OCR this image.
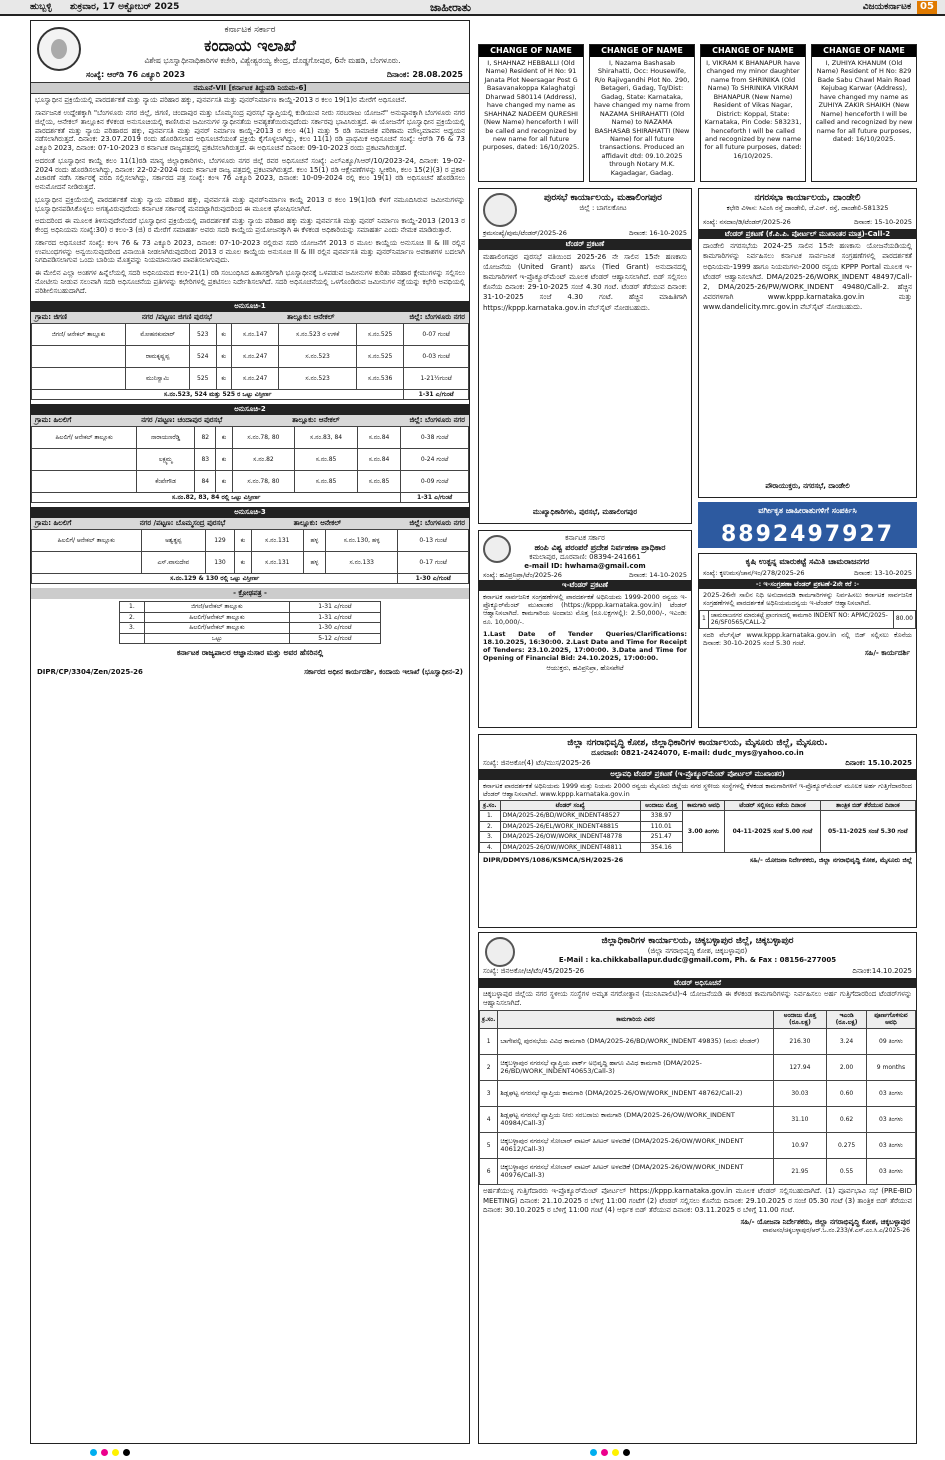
ಹುಬ್ಬಳ್ಳಿ ಶುಕ್ರವಾರ, 17 ಅಕ್ಟೋಬರ್ 2025	ಜಾಹೀರಾತು	ವಿಜಯಕರ್ನಾಟಕ 05
ಕರ್ನಾಟಕ ಸರ್ಕಾರ
ಕಂದಾಯ ಇಲಾಖೆ
ವಿಶೇಷ ಭೂಸ್ವಾಧೀನಾಧಿಕಾರಿಗಳ ಕಚೇರಿ, ವಿಶ್ವೇಶ್ವರಯ್ಯ ಕೇಂದ್ರ, ದೊಡ್ಡಗೋಪುರ, 6ನೇ ಮಹಡಿ, ಬೆಂಗಳೂರು.
ಸಂಖ್ಯೆ: ಆರ್‌ಡಿ 76 ಎಕ್ಯೂರಿ 2023	ದಿನಾಂಕ: 28.08.2025
ನಮೂನೆ-VII [ಕರ್ನಾಟಕ ತಿದ್ದುಪಡಿ ನಿಯಮ-6]
ಭೂಸ್ವಾಧೀನ ಪ್ರಕ್ರಿಯೆಯಲ್ಲಿ ಪಾರದರ್ಶಕತೆ ಮತ್ತು ನ್ಯಾಯ ಪರಿಹಾರ ಹಕ್ಕು, ಪುನರ್ವಸತಿ ಮತ್ತು ಪುನರ್‌ನಿರ್ಮಾಣ ಕಾಯ್ದೆ-2013 ರ ಕಲಂ 19(1)ರ ಮೇರೆಗೆ ಅಧಿಸೂಚನೆ.
ಸಾರ್ವಜನಿಕ ಉದ್ದೇಶಕ್ಕಾಗಿ "ಬೆಂಗಳೂರು ನಗರ ಜಿಲ್ಲೆ, ಜಿಗಣಿ, ಚಂದಾಪುರ ಮತ್ತು ಬೊಮ್ಮಸಂದ್ರ ಪುರಸಭೆ ವ್ಯಾಪ್ತಿಯಲ್ಲಿ ಕುಡಿಯುವ ನೀರು ಸರಬರಾಜು ಯೋಜನೆ" ಅನುಷ್ಠಾನಕ್ಕಾಗಿ ಬೆಂಗಳೂರು ನಗರ ಜಿಲ್ಲೆಯ, ಆನೇಕಲ್ ತಾಲ್ಲೂಕಿನ ಕೆಳಕಂಡ ಅನುಸೂಚಿಯಲ್ಲಿ ಕಾಣಿಸಿರುವ ಜಮೀನುಗಳ ಸ್ವಾಧೀನತೆಯ ಅವಶ್ಯಕತೆಯಿರುವುದೆಂದು ಸರ್ಕಾರವು ಭಾವಿಸಿರುತ್ತದೆ. ಈ ಯೋಜನೆಗೆ ಭೂಸ್ವಾಧೀನ ಪ್ರಕ್ರಿಯೆಯಲ್ಲಿ ಪಾರದರ್ಶಕತೆ ಮತ್ತು ನ್ಯಾಯ ಪರಿಹಾರದ ಹಕ್ಕು, ಪುನರ್ವಸತಿ ಮತ್ತು ಪುನರ್ ನಿರ್ಮಾಣ ಕಾಯ್ದೆ-2013 ರ ಕಲಂ 4(1) ಮತ್ತು 5 ರಡಿ ಸಾಮಾಜಿಕ ಪರಿಣಾಮ ಮೌಲ್ಯಮಾಪನ ಅಧ್ಯಯನ ನಡೆಸಲಾಗಿರುತ್ತದೆ. ದಿನಾಂಕ: 23.07.2019 ರಂದು ಹೊರಡಿಸಲಾದ ಅಧಿಸೂಚನೆಯಂತೆ ಪ್ರಕ್ರಿಯೆ ಕೈಗೊಳ್ಳಲಾಗಿದ್ದು, ಕಲಂ 11(1) ರಡಿ ಪ್ರಾಥಮಿಕ ಅಧಿಸೂಚನೆ ಸಂಖ್ಯೆ: ಆರ್‌ಡಿ 76 & 73 ಎಕ್ಯೂರಿ 2023, ದಿನಾಂಕ: 07-10-2023 ರ ಕರ್ನಾಟಕ ರಾಜ್ಯಪತ್ರದಲ್ಲಿ ಪ್ರಕಟಿಸಲಾಗಿರುತ್ತದೆ. ಈ ಅಧಿಸೂಚನೆ ದಿನಾಂಕ: 09-10-2023 ರಂದು ಪ್ರಕಟವಾಗಿರುತ್ತದೆ.
ಅದರಂತೆ ಭೂಸ್ವಾಧೀನ ಕಾಯ್ದೆ ಕಲಂ 11(1)ರಡಿ ಮಾನ್ಯ ಜಿಲ್ಲಾಧಿಕಾರಿಗಳು, ಬೆಂಗಳೂರು ನಗರ ಜಿಲ್ಲೆ ರವರ ಅಧಿಸೂಚನೆ ಸಂಖ್ಯೆ: ಎಲ್‌ಎಕ್ಯೂ/ಸಿಆರ್/10/2023-24, ದಿನಾಂಕ: 19-02-2024 ರಂದು ಹೊರಡಿಸಲಾಗಿದ್ದು, ದಿನಾಂಕ: 22-02-2024 ರಂದು ಕರ್ನಾಟಕ ರಾಜ್ಯ ಪತ್ರದಲ್ಲಿ ಪ್ರಕಟವಾಗಿರುತ್ತದೆ. ಕಲಂ 15(1) ರಡಿ ಆಕ್ಷೇಪಣೆಗಳನ್ನು ಸ್ವೀಕರಿಸಿ, ಕಲಂ 15(2)(3) ರ ಪ್ರಕಾರ ವಿಚಾರಣೆ ನಡೆಸಿ ಸರ್ಕಾರಕ್ಕೆ ವರದಿ ಸಲ್ಲಿಸಲಾಗಿದ್ದು, ಸರ್ಕಾರದ ಪತ್ರ ಸಂಖ್ಯೆ: ಕಂಇ 76 ಎಕ್ಯೂರಿ 2023, ದಿನಾಂಕ: 10-09-2024 ರಲ್ಲಿ ಕಲಂ 19(1) ರಡಿ ಅಧಿಸೂಚನೆ ಹೊರಡಿಸಲು ಅನುಮೋದನೆ ನೀಡಿರುತ್ತದೆ.
ಭೂಸ್ವಾಧೀನ ಪ್ರಕ್ರಿಯೆಯಲ್ಲಿ ಪಾರದರ್ಶಕತೆ ಮತ್ತು ನ್ಯಾಯ ಪರಿಹಾರ ಹಕ್ಕು, ಪುನರ್ವಸತಿ ಮತ್ತು ಪುನರ್‌ನಿರ್ಮಾಣ ಕಾಯ್ದೆ 2013 ರ ಕಲಂ 19(1)ರಡಿ ಕೆಳಗೆ ನಮೂದಿಸಿರುವ ಜಮೀನುಗಳನ್ನು ಭೂಸ್ವಾಧೀನಪಡಿಸಿಕೊಳ್ಳಲು ಅಗತ್ಯವಿರುವುದೆಂದು ಕರ್ನಾಟಕ ಸರ್ಕಾರಕ್ಕೆ ಮನದಟ್ಟಾಗಿರುವುದರಿಂದ ಈ ಮೂಲಕ ಘೋಷಿಸಲಾಗಿದೆ.
ಅದುದರಿಂದ ಈ ಮೂಲಕ ತಿಳಿಸುವುದೇನೆಂದರೆ ಭೂಸ್ವಾಧೀನ ಪ್ರಕ್ರಿಯೆಯಲ್ಲಿ ಪಾರದರ್ಶಕತೆ ಮತ್ತು ನ್ಯಾಯ ಪರಿಹಾರ ಹಕ್ಕು ಮತ್ತು ಪುನರ್ವಸತಿ ಮತ್ತು ಪುನರ್ ನಿರ್ಮಾಣ ಕಾಯ್ದೆ-2013 (2013 ರ ಕೇಂದ್ರ ಅಧಿನಿಯಮ ಸಂಖ್ಯೆ:30) ರ ಕಲಂ-3 (ಜಿ) ರ ಮೇರೆಗೆ ಸಮಾಹರ್ತ ಅವರು ಸದರಿ ಕಾಯ್ದೆಯ ಪ್ರಯೋಜನಕ್ಕಾಗಿ ಈ ಕೆಳಕಂಡ ಅಧಿಕಾರಿಯನ್ನು ಸಮಾಹರ್ತ ಎಂದು ನೇಮಕ ಮಾಡಿರುತ್ತಾರೆ.
ಸರ್ಕಾರದ ಅಧಿಸೂಚನೆ ಸಂಖ್ಯೆ: ಕಂಇ 76 & 73 ಎಕ್ಯೂರಿ 2023, ದಿನಾಂಕ: 07-10-2023 ರಲ್ಲಿರುವ ಸದರಿ ಯೋಜನೆಗೆ 2013 ರ ಮೂಲ ಕಾಯ್ದೆಯ ಅನುಸೂಚಿ II & III ರಲ್ಲಿನ ಉಪಬಂಧಗಳನ್ನು ಅನ್ವಯಿಸುವುದರಿಂದ ವಿನಾಯಿತಿ ನೀಡಲಾಗಿರುವುದರಿಂದ 2013 ರ ಮೂಲ ಕಾಯ್ದೆಯ ಅನುಸೂಚಿ II & III ರಲ್ಲಿನ ಪುನರ್ವಸತಿ ಮತ್ತು ಪುನರ್‌ನಿರ್ಮಾಣ ಅವಕಾಶಗಳ ಬದಲಾಗಿ ನಿಗದಿಪಡಿಸಲಾಗುವ ಒಂದು ಬಾರಿಯ ಮೊತ್ತವನ್ನು ನಿಯಮಾನುಸಾರ ಪಾವತಿಸಲಾಗುವುದು.
ಈ ಮೇಲಿನ ಎಲ್ಲಾ ಅಂಶಗಳ ಹಿನ್ನೆಲೆಯಲ್ಲಿ ಸದರಿ ಅಧಿನಿಯಮದ ಕಲಂ-21(1) ರಡಿ ಸಂಬಂಧಿಸಿದ ಹಿತಾಸಕ್ತರಿಗಾಗಿ ಭೂಸ್ವಾಧೀನಕ್ಕೆ ಒಳಪಡುವ ಜಮೀನುಗಳ ಕುರಿತು ಪರಿಹಾರ ಕ್ಲೇಮುಗಳನ್ನು ಸಲ್ಲಿಸಲು ನೋಟೀಸು ನೀಡುವ ಸಲುವಾಗಿ ಸದರಿ ಅಧಿಸೂಚನೆಯ ಪ್ರತಿಗಳನ್ನು ಕಛೇರಿಗಳಲ್ಲಿ ಪ್ರಕಟಿಸಲು ನಿರ್ದೇಶಿಸಲಾಗಿದೆ. ಸದರಿ ಅಧಿಸೂಚನೆಯಲ್ಲಿ ಒಳಗೊಂಡಿರುವ ಜಮೀನುಗಳ ನಕ್ಷೆಯನ್ನು ಕಛೇರಿ ಅವಧಿಯಲ್ಲಿ ಪರಿಶೀಲಿಸಬಹುದಾಗಿದೆ.
ಅನುಸೂಚಿ-1
ಗ್ರಾಮ: ಜಿಗಣಿ	ನಗರ /ಪಟ್ಟಣ: ಜಿಗಣಿ ಪುರಸಭೆ	ತಾಲ್ಲೂಕು: ಆನೇಕಲ್	ಜಿಲ್ಲೆ: ಬೆಂಗಳೂರು ನಗರ
ಜಿಗಣಿ/ ಆನೇಕಲ್ ತಾಲ್ಲೂಕು	ಮೋಹನಕುಮಾರ್	523	ಕು	ಸ.ನಂ.147	ಸ.ನಂ.523 ರ ಉಳಿಕೆ	ಸ.ನಂ.525	0-07 ಗುಂಟೆ
	ರಾಮಕೃಷ್ಣಪ್ಪ	524	ಕು	ಸ.ನಂ.247	ಸ.ನಂ.523	ಸ.ನಂ.525	0-03 ಗುಂಟೆ
	ಮುನಿಸ್ವಾಮಿ	525	ಕು	ಸ.ನಂ.247	ಸ.ನಂ.523	ಸ.ನಂ.536	1-21½ಗುಂಟೆ
ಸ.ನಂ.523, 524 ಮತ್ತು 525 ರ ಒಟ್ಟು ವಿಸ್ತೀರ್ಣ							1-31 ಎ/ಗುಂಟೆ
ಅನುಸೂಚಿ-2
ಗ್ರಾಮ: ಹಿಲಲಿಗೆ	ನಗರ /ಪಟ್ಟಣ: ಚಂದಾಪುರ ಪುರಸಭೆ	ತಾಲ್ಲೂಕು: ಆನೇಕಲ್	ಜಿಲ್ಲೆ: ಬೆಂಗಳೂರು ನಗರ
ಹಿಲಲಿಗೆ/ ಆನೇಕಲ್ ತಾಲ್ಲೂಕು	ನಾರಾಯಣರೆಡ್ಡಿ	82	ಕು	ಸ.ನಂ.78, 80	ಸ.ನಂ.83, 84	ಸ.ನಂ.84	0-38 ಗುಂಟೆ
	ಲಕ್ಷ್ಮಮ್ಮ	83	ಕು	ಸ.ನಂ.82	ಸ.ನಂ.85	ಸ.ನಂ.84	0-24 ಗುಂಟೆ
	ಕೆಂಪೇಗೌಡ	84	ಕು	ಸ.ನಂ.78, 80	ಸ.ನಂ.85	ಸ.ನಂ.85	0-09 ಗುಂಟೆ
ಸ.ನಂ.82, 83, 84 ರಲ್ಲಿ ಒಟ್ಟು ವಿಸ್ತೀರ್ಣ							1-31 ಎ/ಗುಂಟೆ
ಅನುಸೂಚಿ-3
ಗ್ರಾಮ: ಹಿಲಲಿಗೆ	ನಗರ /ಪಟ್ಟಣ: ಬೊಮ್ಮಸಂದ್ರ ಪುರಸಭೆ	ತಾಲ್ಲೂಕು: ಆನೇಕಲ್	ಜಿಲ್ಲೆ: ಬೆಂಗಳೂರು ನಗರ
ಹಿಲಲಿಗೆ/ ಆನೇಕಲ್ ತಾಲ್ಲೂಕು	ಅಶ್ವತ್ಥಪ್ಪ	129	ಕು	ಸ.ನಂ.131	ಹಳ್ಳ	ಸ.ನಂ.130, ಹಳ್ಳ	0-13 ಗುಂಟೆ
	ಎಸ್.ವಾಸುದೇವ	130	ಕು	ಸ.ನಂ.131	ಹಳ್ಳ	ಸ.ನಂ.133	0-17 ಗುಂಟೆ
ಸ.ನಂ.129 & 130 ರಲ್ಲಿ ಒಟ್ಟು ವಿಸ್ತೀರ್ಣ							1-30 ಎ/ಗುಂಟೆ
- ಕ್ರೋಢಪತ್ರ -
1.	ಜಿಗಣಿ/ಆನೇಕಲ್ ತಾಲ್ಲೂಕು	1-31 ಎ/ಗುಂಟೆ
2.	ಹಿಲಲಿಗೆ/ಆನೇಕಲ್ ತಾಲ್ಲೂಕು	1-31 ಎ/ಗುಂಟೆ
3.	ಹಿಲಲಿಗೆ/ಆನೇಕಲ್ ತಾಲ್ಲೂಕು	1-30 ಎ/ಗುಂಟೆ
	ಒಟ್ಟು	5-12 ಎ/ಗುಂಟೆ
ಕರ್ನಾಟಕ ರಾಜ್ಯಪಾಲರ ಆಜ್ಞಾನುಸಾರ ಮತ್ತು ಅವರ ಹೆಸರಿನಲ್ಲಿ
DIPR/CP/3304/Zen/2025-26	ಸರ್ಕಾರದ ಅಧೀನ ಕಾರ್ಯದರ್ಶಿ, ಕಂದಾಯ ಇಲಾಖೆ (ಭೂಸ್ವಾಧೀನ-2)
CHANGE OF NAME
I, SHAHNAZ HEBBALLI (Old Name) Resident of H No: 91 Janata Plot Neersagar Post G Basavanakoppa Kalaghatgi Dharwad 580114 (Address), have changed my name as SHAHNAZ NADEEM QURESHI (New Name) henceforth I will be called and recognized by new name for all future purposes, dated: 16/10/2025.
CHANGE OF NAME
I, Nazama Bashasab Shirahatti, Occ: Housewife, R/o Rajivgandhi Plot No. 290, Betageri, Gadag, Tq/Dist: Gadag, State: Karnataka, have changed my name from NAZAMA SHIRAHATTI (Old Name) to NAZAMA BASHASAB SHIRAHATTI (New Name) for all future transactions. Produced an affidavit dtd: 09.10.2025 through Notary M.K. Kagadagar, Gadag.
CHANGE OF NAME
I, VIKRAM K BHANAPUR have changed my minor daughter name from SHRINIKA (Old Name) To SHRINIKA VIKRAM BHANAPUR (New Name) Resident of Vikas Nagar, District: Koppal, State: Karnataka, Pin Code: 583231, henceforth I will be called and recognized by new name for all future purposes, dated: 16/10/2025.
CHANGE OF NAME
I, ZUHIYA KHANUM (Old Name) Resident of H No: 829 Bade Sabu Chawl Main Road Kejubag Karwar (Address), have changed my name as ZUHIYA ZAKIR SHAIKH (New Name) henceforth I will be called and recognized by new name for all future purposes, dated: 16/10/2025.
ಪುರಸಭೆ ಕಾರ್ಯಾಲಯ, ಮಹಾಲಿಂಗಪುರ
ಜಿಲ್ಲೆ : ಬಾಗಲಕೋಟ
ಕ್ರಮಸಂಖ್ಯೆ/ಪುಮ/ಟೆಂಡರ್/2025-26	ದಿನಾಂಕ: 16-10-2025
ಟೆಂಡರ್ ಪ್ರಕಟಣೆ
ಮಹಾಲಿಂಗಪುರ ಪುರಸಭೆ ವತಿಯಿಂದ 2025-26 ನೇ ಸಾಲಿನ 15ನೇ ಹಣಕಾಸು ಯೋಜನೆಯ (United Grant) ಹಾಗೂ (Tied Grant) ಅನುದಾನದಲ್ಲಿ ಕಾಮಗಾರಿಗಳಿಗೆ ಇ-ಪ್ರೊಕ್ಯೂರ್‌ಮೆಂಟ್ ಮೂಲಕ ಟೆಂಡರ್ ಆಹ್ವಾನಿಸಲಾಗಿದೆ. ಬಿಡ್ ಸಲ್ಲಿಸಲು ಕೊನೆಯ ದಿನಾಂಕ: 29-10-2025 ಸಂಜೆ 4.30 ಗಂಟೆ. ಟೆಂಡರ್ ತೆರೆಯುವ ದಿನಾಂಕ: 31-10-2025 ಸಂಜೆ 4.30 ಗಂಟೆ. ಹೆಚ್ಚಿನ ಮಾಹಿತಿಗಾಗಿ https://kppp.karnataka.gov.in ವೆಬ್‌ಸೈಟ್ ನೋಡಬಹುದು.
ಮುಖ್ಯಾಧಿಕಾರಿಗಳು, ಪುರಸಭೆ, ಮಹಾಲಿಂಗಪುರ
ನಗರಸಭಾ ಕಾರ್ಯಾಲಯ, ದಾಂಡೇಲಿ
ಕಛೇರಿ ವಿಳಾಸ: ಸಿಎಂಸಿ ರಸ್ತೆ ದಾಂಡೇಲಿ, ಜೆ.ಎನ್. ರಸ್ತೆ, ದಾಂಡೇಲಿ-581325
ಸಂಖ್ಯೆ: ನಸದಾಂ/ಡಿ/ಟೆಂಡರ್/2025-26	ದಿನಾಂಕ: 15-10-2025
ಟೆಂಡರ್ ಪ್ರಕಟಣೆ (ಕೆ.ಪಿ.ಪಿ. ಪೋರ್ಟಲ್ ಮುಖಾಂತರ ಮಾತ್ರ)-Call-2
ದಾಂಡೇಲಿ ನಗರಸಭೆಯ 2024-25 ಸಾಲಿನ 15ನೇ ಹಣಕಾಸು ಯೋಜನೆಯಡಿಯಲ್ಲಿ ಕಾಮಗಾರಿಗಳನ್ನು ನಿರ್ವಹಿಸಲು ಕರ್ನಾಟಕ ಸಾರ್ವಜನಿಕ ಸಂಗ್ರಹಣೆಗಳಲ್ಲಿ ಪಾರದರ್ಶಕತೆ ಅಧಿನಿಯಮ-1999 ಹಾಗೂ ನಿಯಮಗಳು-2000 ರನ್ವಯ KPPP Portal ಮೂಲಕ ಇ-ಟೆಂಡರ್ ಆಹ್ವಾನಿಸಲಾಗಿದೆ. DMA/2025-26/WORK_INDENT 48497/Call-2, DMA/2025-26/PW/WORK_INDENT 49480/Call-2. ಹೆಚ್ಚಿನ ವಿವರಗಳಿಗಾಗಿ www.kppp.karnataka.gov.in ಮತ್ತು www.dandelicity.mrc.gov.in ವೆಬ್‌ಸೈಟ್ ನೋಡಬಹುದು.
ಪೌರಾಯುಕ್ತರು, ನಗರಸಭೆ, ದಾಂಡೇಲಿ
ವರ್ಗೀಕೃತ ಜಾಹೀರಾತುಗಳಿಗೆ ಸಂಪರ್ಕಿಸಿ
8892497927
ಕರ್ನಾಟಕ ಸರ್ಕಾರ
ಹಂಪಿ ವಿಶ್ವ ಪರಂಪರೆ ಪ್ರದೇಶ ನಿರ್ವಹಣಾ ಪ್ರಾಧಿಕಾರ
ಕಮಲಾಪುರ, ದೂರವಾಣಿ: 08394-241661
e-mail ID: hwhama@gmail.com
ಸಂಖ್ಯೆ: ಹವಿಪ್ರನಿಪ್ರಾ/ಟೆಂ/2025-26	ದಿನಾಂಕ: 14-10-2025
ಇ-ಟೆಂಡರ್ ಪ್ರಕಟಣೆ
ಕರ್ನಾಟಕ ಸಾರ್ವಜನಿಕ ಸಂಗ್ರಹಣೆಗಳಲ್ಲಿ ಪಾರದರ್ಶಕತೆ ಅಧಿನಿಯಮ 1999-2000 ರನ್ವಯ ಇ-ಪ್ರೊಕ್ಯೂರ್‌ಮೆಂಟ್ ಮುಖಾಂತರ (https://kppp.karnataka.gov.in) ಟೆಂಡರ್ ಆಹ್ವಾನಿಸಲಾಗಿದೆ. ಕಾಮಗಾರಿಯ ಅಂದಾಜು ಮೊತ್ತ (ರೂ.ಲಕ್ಷಗಳಲ್ಲಿ): 2.50,000/-, ಇಎಂಡಿ: ರೂ. 10,000/-.
1.Last Date of Tender Queries/Clarifications: 18.10.2025, 16:30:00. 2.Last Date and Time for Receipt of Tenders: 23.10.2025, 17:00:00. 3.Date and Time for Opening of Financial Bid: 24.10.2025, 17:00:00.
ಆಯುಕ್ತರು, ಹವಿಪ್ರನಿಪ್ರಾ, ಹೊಸಪೇಟೆ
ಕೃಷಿ ಉತ್ಪನ್ನ ಮಾರುಕಟ್ಟೆ ಸಮಿತಿ ಚಾಮರಾಜನಗರ
ಸಂಖ್ಯೆ: ಕೃಉಮಸ/ಚಾನ/ಇಂ/278/2025-26	ದಿನಾಂಕ: 13-10-2025
-: ಇ-ಸಂಗ್ರಹಣಾ ಟೆಂಡರ್ ಪ್ರಕಟಣೆ-2ನೇ ಕರೆ :-
2025-26ನೇ ಸಾಲಿನ ನಿಧಿ ಅನುದಾನದಡಿ ಕಾಮಗಾರಿಗಳನ್ನು ನಿರ್ವಹಿಸಲು ಕರ್ನಾಟಕ ಸಾರ್ವಜನಿಕ ಸಂಗ್ರಹಣೆಗಳಲ್ಲಿ ಪಾರದರ್ಶಕತೆ ಅಧಿನಿಯಮದನ್ವಯ ಇ-ಟೆಂಡರ್ ಆಹ್ವಾನಿಸಲಾಗಿದೆ.
1	ಚಾಮರಾಜನಗರ ಮಾರುಕಟ್ಟೆ ಪ್ರಾಂಗಣದಲ್ಲಿ ಕಾಮಗಾರಿ INDENT NO: APMC/2025-26/SF0565/CALL-2	80.00
ಸದರಿ ವೆಬ್‌ಸೈಟ್ www.kppp.karnataka.gov.in ನಲ್ಲಿ ಬಿಡ್ ಸಲ್ಲಿಸಲು ಕೊನೆಯ ದಿನಾಂಕ: 30-10-2025 ಸಂಜೆ 5.30 ಗಂಟೆ.
ಸಹಿ/- ಕಾರ್ಯದರ್ಶಿ
ಜಿಲ್ಲಾ ನಗರಾಭಿವೃದ್ಧಿ ಕೋಶ, ಜಿಲ್ಲಾಧಿಕಾರಿಗಳ ಕಾರ್ಯಾಲಯ, ಮೈಸೂರು ಜಿಲ್ಲೆ, ಮೈಸೂರು.
ದೂರವಾಣಿ: 0821-2424070, E-mail: dudc_mys@yahoo.co.in
ಸಂಖ್ಯೆ: ಜಿನಅಕೋ(4) ಟೆಂ/ಮುಸ/2025-26	ದಿನಾಂಕ: 15.10.2025
ಅಲ್ಪಾವಧಿ ಟೆಂಡರ್ ಪ್ರಕಟಣೆ (ಇ-ಪ್ರೊಕ್ಯೂರ್‌ಮೆಂಟ್ ಪೋರ್ಟಲ್ ಮುಖಾಂತರ)
ಕರ್ನಾಟಕ ಪಾರದರ್ಶಕತೆ ಅಧಿನಿಯಮ 1999 ಮತ್ತು ನಿಯಮ 2000 ರನ್ವಯ ಮೈಸೂರು ಜಿಲ್ಲೆಯ ನಗರ ಸ್ಥಳೀಯ ಸಂಸ್ಥೆಗಳಲ್ಲಿ ಕೆಳಕಂಡ ಕಾಮಗಾರಿಗಳಿಗೆ ಇ-ಪ್ರೊಕ್ಯೂರ್‌ಮೆಂಟ್ ಮೂಲಕ ಅರ್ಹ ಗುತ್ತಿಗೆದಾರರಿಂದ ಟೆಂಡರ್ ಆಹ್ವಾನಿಸಲಾಗಿದೆ. www.kppp.karnataka.gov.in
ಕ್ರ.ಸಂ.	ಟೆಂಡರ್ ಸಂಖ್ಯೆ	ಅಂದಾಜು ಮೊತ್ತ	ಕಾಮಗಾರಿ ಅವಧಿ	ಟೆಂಡರ್ ಸಲ್ಲಿಸಲು ಕಡೆಯ ದಿನಾಂಕ	ತಾಂತ್ರಿಕ ಬಿಡ್ ತೆರೆಯುವ ದಿನಾಂಕ
1.	DMA/2025-26/BD/WORK_INDENT48527	338.97	3.00 ತಿಂಗಳು	04-11-2025 ಸಂಜೆ 5.00 ಗಂಟೆ	05-11-2025 ಸಂಜೆ 5.30 ಗಂಟೆ
2.	DMA/2025-26/EL/WORK_INDENT48815	110.01			
3.	DMA/2025-26/OW/WORK_INDENT48778	251.47			
4.	DMA/2025-26/OW/WORK_INDENT48811	354.16			
DIPR/DDMYS/1086/KSMCA/SH/2025-26	ಸಹಿ/- ಯೋಜನಾ ನಿರ್ದೇಶಕರು, ಜಿಲ್ಲಾ ನಗರಾಭಿವೃದ್ಧಿ ಕೋಶ, ಮೈಸೂರು ಜಿಲ್ಲೆ
ಜಿಲ್ಲಾಧಿಕಾರಿಗಳ ಕಾರ್ಯಾಲಯ, ಚಿಕ್ಕಬಳ್ಳಾಪುರ ಜಿಲ್ಲೆ, ಚಿಕ್ಕಬಳ್ಳಾಪುರ
(ಜಿಲ್ಲಾ ನಗರಾಭಿವೃದ್ಧಿ ಕೋಶ, ಚಿಕ್ಕಬಳ್ಳಾಪುರ)
E-Mail : ka.chikkaballapur.dudc@gmail.com, Ph. & Fax : 08156-277005
ಸಂಖ್ಯೆ: ಜಿನಅಕೋ/ಚಿ/ಟೆಂ/45/2025-26	ದಿನಾಂಕ:14.10.2025
ಟೆಂಡರ್ ಅಧಿಸೂಚನೆ
ಚಿಕ್ಕಬಳ್ಳಾಪುರ ಜಿಲ್ಲೆಯ ನಗರ ಸ್ಥಳೀಯ ಸಂಸ್ಥೆಗಳ ಅಮೃತ ನಗರೋತ್ಥಾನ (ಮುನಿಸಿಪಾಲಿಟಿ)-4 ಯೋಜನೆಯಡಿ ಈ ಕೆಳಕಂಡ ಕಾಮಗಾರಿಗಳನ್ನು ನಿರ್ವಹಿಸಲು ಅರ್ಹ ಗುತ್ತಿಗೆದಾರರಿಂದ ಟೆಂಡರ್‌ಗಳನ್ನು ಆಹ್ವಾನಿಸಲಾಗಿದೆ.
ಕ್ರ.ಸಂ.	ಕಾಮಗಾರಿಯ ವಿವರ	ಅಂದಾಜು ಮೊತ್ತ (ರೂ.ಲಕ್ಷ)	ಇಎಂಡಿ (ರೂ.ಲಕ್ಷ)	ಪೂರ್ಣಗೊಳಿಸುವ ಅವಧಿ
1	ಬಾಗೇಪಲ್ಲಿ ಪುರಸಭೆಯ ವಿವಿಧ ಕಾಮಗಾರಿ (DMA/2025-26/BD/WORK_INDENT 49835) (ಮರು ಟೆಂಡರ್)	216.30	3.24	09 ತಿಂಗಳು
2	ಚಿಕ್ಕಬಳ್ಳಾಪುರ ನಗರಸಭೆ ವ್ಯಾಪ್ತಿಯ ಪಾರ್ಕ್ ಅಭಿವೃದ್ಧಿ ಹಾಗೂ ವಿವಿಧ ಕಾಮಗಾರಿ (DMA/2025-26/BD/WORK_INDENT40653/Call-3)	127.94	2.00	9 months
3	ಶಿಡ್ಲಘಟ್ಟ ನಗರಸಭೆ ವ್ಯಾಪ್ತಿಯ ಕಾಮಗಾರಿ (DMA/2025-26/OW/WORK_INDENT 48762/Call-2)	30.03	0.60	03 ತಿಂಗಳು
4	ಶಿಡ್ಲಘಟ್ಟ ನಗರಸಭೆ ವ್ಯಾಪ್ತಿಯ ನೀರು ಸರಬರಾಜು ಕಾಮಗಾರಿ (DMA/2025-26/OW/WORK_INDENT 40984/Call-3)	31.10	0.62	03 ತಿಂಗಳು
5	ಚಿಕ್ಕಬಳ್ಳಾಪುರ ನಗರಸಭೆ ಸೋಲಾರ್ ವಾಟರ್ ಹೀಟರ್ ಅಳವಡಿಕೆ (DMA/2025-26/OW/WORK_INDENT 40612/Call-3)	10.97	0.275	03 ತಿಂಗಳು
6	ಚಿಕ್ಕಬಳ್ಳಾಪುರ ನಗರಸಭೆ ಸೋಲಾರ್ ವಾಟರ್ ಹೀಟರ್ ಅಳವಡಿಕೆ (DMA/2025-26/OW/WORK_INDENT 40976/Call-3)	21.95	0.55	03 ತಿಂಗಳು
ಅರ್ಹತೆಯುಳ್ಳ ಗುತ್ತಿಗೆದಾರರು ಇ-ಪ್ರೊಕ್ಯೂರ್‌ಮೆಂಟ್ ಪೋರ್ಟಲ್ https://kppp.karnataka.gov.in ಮೂಲಕ ಟೆಂಡರ್ ಸಲ್ಲಿಸಬಹುದಾಗಿದೆ. (1) ಪೂರ್ವಭಾವಿ ಸಭೆ (PRE-BID MEETING) ದಿನಾಂಕ: 21.10.2025 ರ ಬೆಳಿಗ್ಗೆ 11:00 ಗಂಟೆಗೆ (2) ಟೆಂಡರ್ ಸಲ್ಲಿಸಲು ಕೊನೆಯ ದಿನಾಂಕ: 29.10.2025 ರ ಸಂಜೆ 05.30 ಗಂಟೆ (3) ತಾಂತ್ರಿಕ ಬಿಡ್ ತೆರೆಯುವ ದಿನಾಂಕ: 30.10.2025 ರ ಬೆಳಿಗ್ಗೆ 11:00 ಗಂಟೆ (4) ಆರ್ಥಿಕ ಬಿಡ್ ತೆರೆಯುವ ದಿನಾಂಕ: 03.11.2025 ರ ಬೆಳಿಗ್ಗೆ 11.00 ಗಂಟೆ.
ಸಹಿ/- ಯೋಜನಾ ನಿರ್ದೇಶಕರು, ಜಿಲ್ಲಾ ನಗರಾಭಿವೃದ್ಧಿ ಕೋಶ, ಚಿಕ್ಕಬಳ್ಳಾಪುರ
ವಾಪಅಸಂ/ಚಿಕ್ಕಬಳ್ಳಾಪುರ/ಆರ್.ಓ.ನಂ.233/ಕೆ.ಎಸ್.ಎಂ.ಸಿ.ಎ/2025-26
